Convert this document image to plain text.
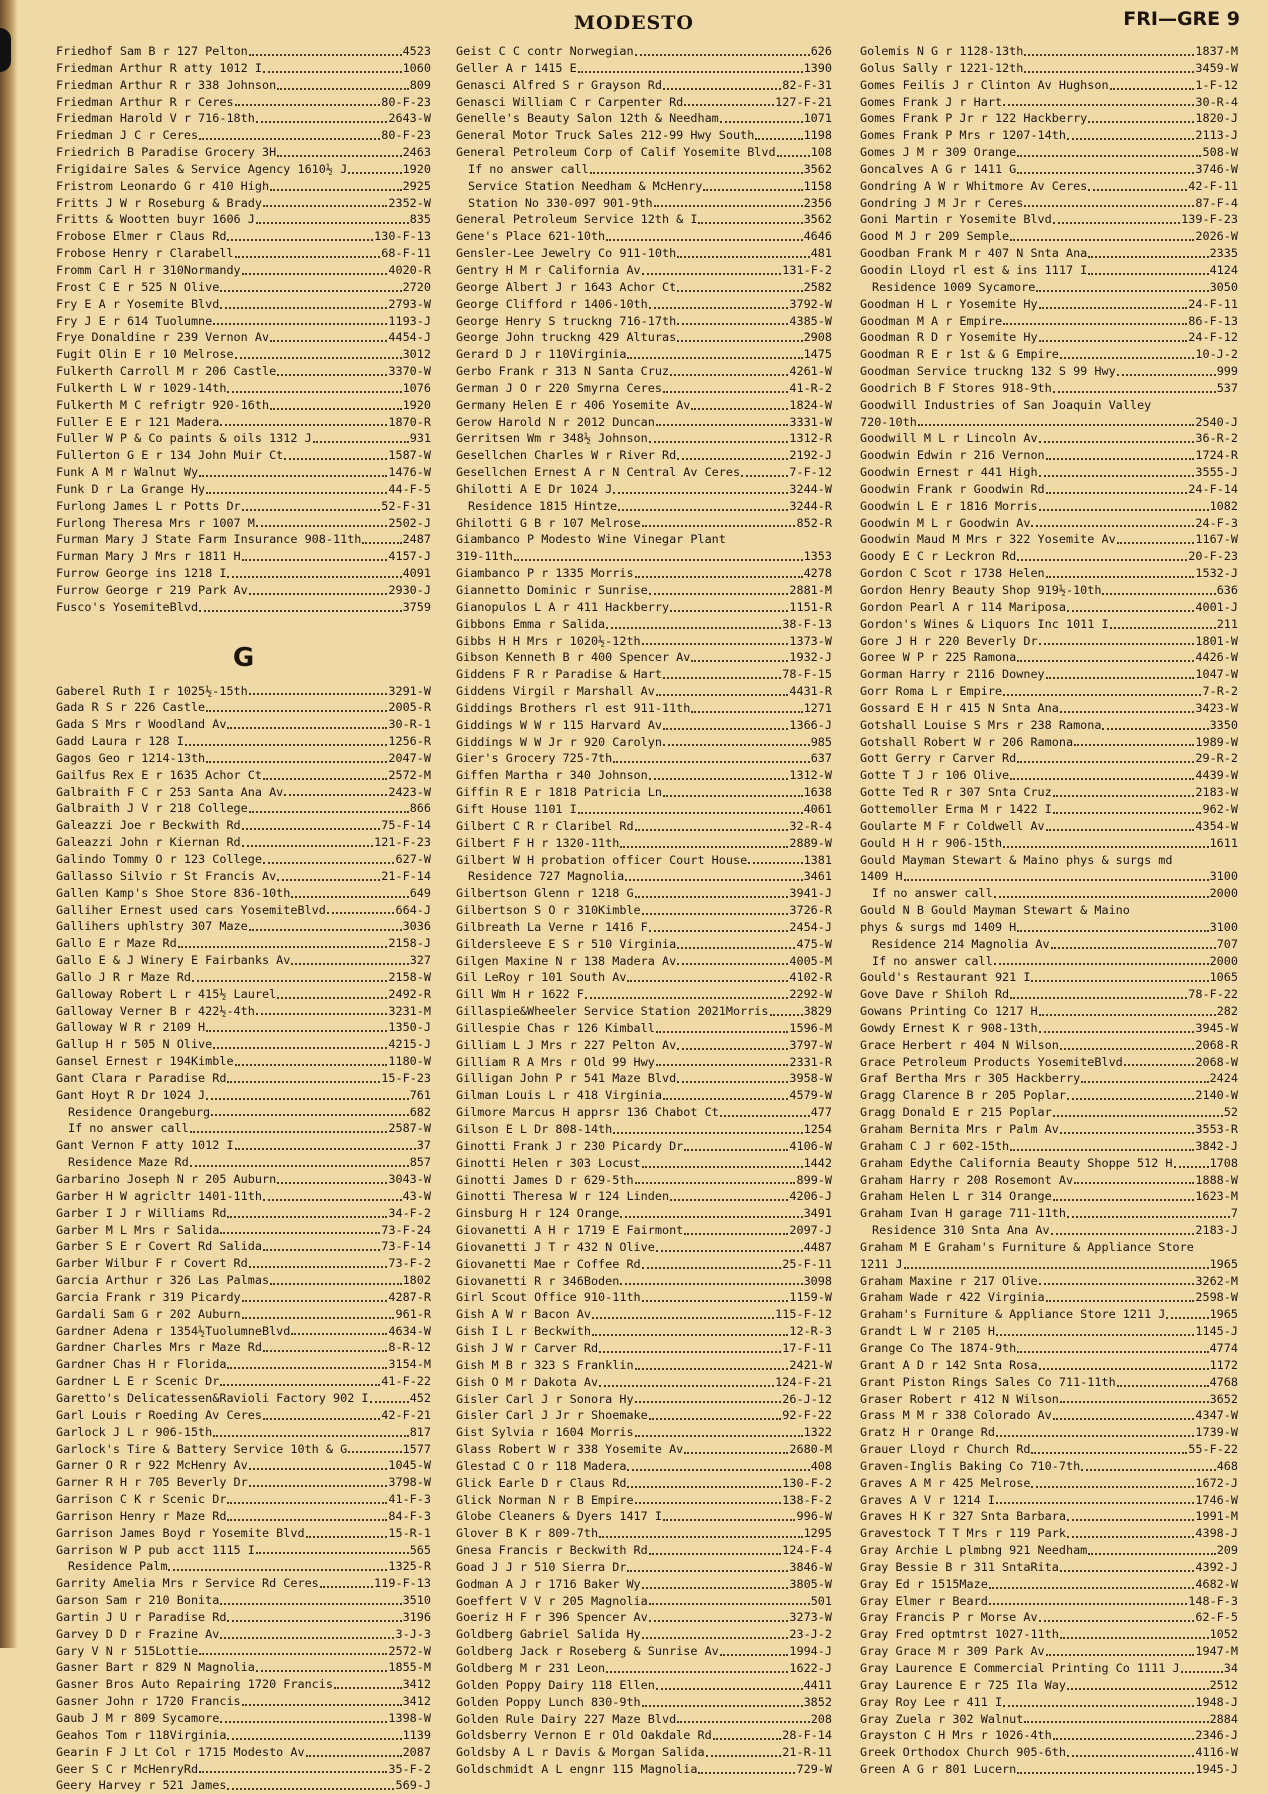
MODESTO	FRI—GRE 9
Friedhof Sam B r 127 Pelton	4523
Friedman Arthur R atty 1012 I	1060
Friedman Arthur R r 338 Johnson	809
Friedman Arthur R r Ceres	80-F-23
Friedman Harold V r 716-18th	2643-W
Friedman J C r Ceres	80-F-23
Friedrich B Paradise Grocery 3H	2463
Frigidaire Sales & Service Agency 1610½ J	1920
Fristrom Leonardo G r 410 High	2925
Fritts J W r Roseburg & Brady	2352-W
Fritts & Wootten buyr 1606 J	835
Frobose Elmer r Claus Rd	130-F-13
Frobose Henry r Clarabell	68-F-11
Fromm Carl H r 310Normandy	4020-R
Frost C E r 525 N Olive	2720
Fry E A r Yosemite Blvd	2793-W
Fry J E r 614 Tuolumne	1193-J
Frye Donaldine r 239 Vernon Av	4454-J
Fugit Olin E r 10 Melrose	3012
Fulkerth Carroll M r 206 Castle	3370-W
Fulkerth L W r 1029-14th	1076
Fulkerth M C refrigtr 920-16th	1920
Fuller E E r 121 Madera	1870-R
Fuller W P & Co paints & oils 1312 J	931
Fullerton G E r 134 John Muir Ct	1587-W
Funk A M r Walnut Wy	1476-W
Funk D r La Grange Hy	44-F-5
Furlong James L r Potts Dr	52-F-31
Furlong Theresa Mrs r 1007 M	2502-J
Furman Mary J State Farm Insurance 908-11th	2487
Furman Mary J Mrs r 1811 H	4157-J
Furrow George ins 1218 I	4091
Furrow George r 219 Park Av	2930-J
Fusco's YosemiteBlvd	3759
G
Gaberel Ruth I r 1025½-15th	3291-W
Gada R S r 226 Castle	2005-R
Gada S Mrs r Woodland Av	30-R-1
Gadd Laura r 128 I	1256-R
Gagos Geo r 1214-13th	2047-W
Gailfus Rex E r 1635 Achor Ct	2572-M
Galbraith F C r 253 Santa Ana Av	2423-W
Galbraith J V r 218 College	866
Galeazzi Joe r Beckwith Rd	75-F-14
Galeazzi John r Kiernan Rd	121-F-23
Galindo Tommy O r 123 College	627-W
Gallasso Silvio r St Francis Av	21-F-14
Gallen Kamp's Shoe Store 836-10th	649
Galliher Ernest used cars YosemiteBlvd	664-J
Gallihers uphlstry 307 Maze	3036
Gallo E r Maze Rd	2158-J
Gallo E & J Winery E Fairbanks Av	327
Gallo J R r Maze Rd	2158-W
Galloway Robert L r 415½ Laurel	2492-R
Galloway Verner B r 422½-4th	3231-M
Galloway W R r 2109 H	1350-J
Gallup H r 505 N Olive	4215-J
Gansel Ernest r 194Kimble	1180-W
Gant Clara r Paradise Rd	15-F-23
Gant Hoyt R Dr 1024 J	761
Residence Orangeburg	682
If no answer call	2587-W
Gant Vernon F atty 1012 I	37
Residence Maze Rd	857
Garbarino Joseph N r 205 Auburn	3043-W
Garber H W agricltr 1401-11th	43-W
Garber I J r Williams Rd	34-F-2
Garber M L Mrs r Salida	73-F-24
Garber S E r Covert Rd Salida	73-F-14
Garber Wilbur F r Covert Rd	73-F-2
Garcia Arthur r 326 Las Palmas	1802
Garcia Frank r 319 Picardy	4287-R
Gardali Sam G r 202 Auburn	961-R
Gardner Adena r 1354½TuolumneBlvd	4634-W
Gardner Charles Mrs r Maze Rd	8-R-12
Gardner Chas H r Florida	3154-M
Gardner L E r Scenic Dr	41-F-22
Garetto's Delicatessen&Ravioli Factory 902 I	452
Garl Louis r Roeding Av Ceres	42-F-21
Garlock J L r 906-15th	817
Garlock's Tire & Battery Service 10th & G	1577
Garner O R r 922 McHenry Av	1045-W
Garner R H r 705 Beverly Dr	3798-W
Garrison C K r Scenic Dr	41-F-3
Garrison Henry r Maze Rd	84-F-3
Garrison James Boyd r Yosemite Blvd	15-R-1
Garrison W P pub acct 1115 I	565
Residence Palm	1325-R
Garrity Amelia Mrs r Service Rd Ceres	119-F-13
Garson Sam r 210 Bonita	3510
Gartin J U r Paradise Rd	3196
Garvey D D r Frazine Av	3-J-3
Gary V N r 515Lottie	2572-W
Gasner Bart r 829 N Magnolia	1855-M
Gasner Bros Auto Repairing 1720 Francis	3412
Gasner John r 1720 Francis	3412
Gaub J M r 809 Sycamore	1398-W
Geahos Tom r 118Virginia	1139
Gearin F J Lt Col r 1715 Modesto Av	2087
Geer S C r McHenryRd	35-F-2
Geery Harvey r 521 James	569-J
Geist C C contr Norwegian	626
Geller A r 1415 E	1390
Genasci Alfred S r Grayson Rd	82-F-31
Genasci William C r Carpenter Rd	127-F-21
Genelle's Beauty Salon 12th & Needham	1071
General Motor Truck Sales 212-99 Hwy South	1198
General Petroleum Corp of Calif Yosemite Blvd	108
If no answer call	3562
Service Station Needham & McHenry	1158
Station No 330-097 901-9th	2356
General Petroleum Service 12th & I	3562
Gene's Place 621-10th	4646
Gensler-Lee Jewelry Co 911-10th	481
Gentry H M r California Av	131-F-2
George Albert J r 1643 Achor Ct	2582
George Clifford r 1406-10th	3792-W
George Henry S truckng 716-17th	4385-W
George John truckng 429 Alturas	2908
Gerard D J r 110Virginia	1475
Gerbo Frank r 313 N Santa Cruz	4261-W
German J O r 220 Smyrna Ceres	41-R-2
Germany Helen E r 406 Yosemite Av	1824-W
Gerow Harold N r 2012 Duncan	3331-W
Gerritsen Wm r 348½ Johnson	1312-R
Gesellchen Charles W r River Rd	2192-J
Gesellchen Ernest A r N Central Av Ceres	7-F-12
Ghilotti A E Dr 1024 J	3244-W
Residence 1815 Hintze	3244-R
Ghilotti G B r 107 Melrose	852-R
Giambanco P Modesto Wine Vinegar Plant
319-11th	1353
Giambanco P r 1335 Morris	4278
Giannetto Dominic r Sunrise	2881-M
Gianopulos L A r 411 Hackberry	1151-R
Gibbons Emma r Salida	38-F-13
Gibbs H H Mrs r 1020½-12th	1373-W
Gibson Kenneth B r 400 Spencer Av	1932-J
Giddens F R r Paradise & Hart	78-F-15
Giddens Virgil r Marshall Av	4431-R
Giddings Brothers rl est 911-11th	1271
Giddings W W r 115 Harvard Av	1366-J
Giddings W W Jr r 920 Carolyn	985
Gier's Grocery 725-7th	637
Giffen Martha r 340 Johnson	1312-W
Giffin R E r 1818 Patricia Ln	1638
Gift House 1101 I	4061
Gilbert C R r Claribel Rd	32-R-4
Gilbert F H r 1320-11th	2889-W
Gilbert W H probation officer Court House	1381
Residence 727 Magnolia	3461
Gilbertson Glenn r 1218 G	3941-J
Gilbertson S O r 310Kimble	3726-R
Gilbreath La Verne r 1416 F	2454-J
Gildersleeve E S r 510 Virginia	475-W
Gilgen Maxine N r 138 Madera Av	4005-M
Gil LeRoy r 101 South Av	4102-R
Gill Wm H r 1622 F	2292-W
Gillaspie&Wheeler Service Station 2021Morris	3829
Gillespie Chas r 126 Kimball	1596-M
Gilliam L J Mrs r 227 Pelton Av	3797-W
Gilliam R A Mrs r Old 99 Hwy	2331-R
Gilligan John P r 541 Maze Blvd	3958-W
Gilman Louis L r 418 Virginia	4579-W
Gilmore Marcus H apprsr 136 Chabot Ct	477
Gilson E L Dr 808-14th	1254
Ginotti Frank J r 230 Picardy Dr	4106-W
Ginotti Helen r 303 Locust	1442
Ginotti James D r 629-5th	899-W
Ginotti Theresa W r 124 Linden	4206-J
Ginsburg H r 124 Orange	3491
Giovanetti A H r 1719 E Fairmont	2097-J
Giovanetti J T r 432 N Olive	4487
Giovanetti Mae r Coffee Rd	25-F-11
Giovanetti R r 346Boden	3098
Girl Scout Office 910-11th	1159-W
Gish A W r Bacon Av	115-F-12
Gish I L r Beckwith	12-R-3
Gish J W r Carver Rd	17-F-11
Gish M B r 323 S Franklin	2421-W
Gish O M r Dakota Av	124-F-21
Gisler Carl J r Sonora Hy	26-J-12
Gisler Carl J Jr r Shoemake	92-F-22
Gist Sylvia r 1604 Morris	1322
Glass Robert W r 338 Yosemite Av	2680-M
Glestad C O r 118 Madera	408
Glick Earle D r Claus Rd	130-F-2
Glick Norman N r B Empire	138-F-2
Globe Cleaners & Dyers 1417 I	996-W
Glover B K r 809-7th	1295
Gnesa Francis r Beckwith Rd	124-F-4
Goad J J r 510 Sierra Dr	3846-W
Godman A J r 1716 Baker Wy	3805-W
Goeffert V V r 205 Magnolia	501
Goeriz H F r 396 Spencer Av	3273-W
Goldberg Gabriel Salida Hy	23-J-2
Goldberg Jack r Roseberg & Sunrise Av	1994-J
Goldberg M r 231 Leon	1622-J
Golden Poppy Dairy 118 Ellen	4411
Golden Poppy Lunch 830-9th	3852
Golden Rule Dairy 227 Maze Blvd	208
Goldsberry Vernon E r Old Oakdale Rd	28-F-14
Goldsby A L r Davis & Morgan Salida	21-R-11
Goldschmidt A L engnr 115 Magnolia	729-W
Golemis N G r 1128-13th	1837-M
Golus Sally r 1221-12th	3459-W
Gomes Feilis J r Clinton Av Hughson	1-F-12
Gomes Frank J r Hart	30-R-4
Gomes Frank P Jr r 122 Hackberry	1820-J
Gomes Frank P Mrs r 1207-14th	2113-J
Gomes J M r 309 Orange	508-W
Goncalves A G r 1411 G	3746-W
Gondring A W r Whitmore Av Ceres	42-F-11
Gondring J M Jr r Ceres	87-F-4
Goni Martin r Yosemite Blvd	139-F-23
Good M J r 209 Semple	2026-W
Goodban Frank M r 407 N Snta Ana	2335
Goodin Lloyd rl est & ins 1117 I	4124
Residence 1009 Sycamore	3050
Goodman H L r Yosemite Hy	24-F-11
Goodman M A r Empire	86-F-13
Goodman R D r Yosemite Hy	24-F-12
Goodman R E r 1st & G Empire	10-J-2
Goodman Service truckng 132 S 99 Hwy	999
Goodrich B F Stores 918-9th	537
Goodwill Industries of San Joaquin Valley
720-10th	2540-J
Goodwill M L r Lincoln Av	36-R-2
Goodwin Edwin r 216 Vernon	1724-R
Goodwin Ernest r 441 High	3555-J
Goodwin Frank r Goodwin Rd	24-F-14
Goodwin L E r 1816 Morris	1082
Goodwin M L r Goodwin Av	24-F-3
Goodwin Maud M Mrs r 322 Yosemite Av	1167-W
Goody E C r Leckron Rd	20-F-23
Gordon C Scot r 1738 Helen	1532-J
Gordon Henry Beauty Shop 919½-10th	636
Gordon Pearl A r 114 Mariposa	4001-J
Gordon's Wines & Liquors Inc 1011 I	211
Gore J H r 220 Beverly Dr	1801-W
Goree W P r 225 Ramona	4426-W
Gorman Harry r 2116 Downey	1047-W
Gorr Roma L r Empire	7-R-2
Gossard E H r 415 N Snta Ana	3423-W
Gotshall Louise S Mrs r 238 Ramona	3350
Gotshall Robert W r 206 Ramona	1989-W
Gott Gerry r Carver Rd	29-R-2
Gotte T J r 106 Olive	4439-W
Gotte Ted R r 307 Snta Cruz	2183-W
Gottemoller Erma M r 1422 I	962-W
Goularte M F r Coldwell Av	4354-W
Gould H H r 906-15th	1611
Gould Mayman Stewart & Maino phys & surgs md
1409 H	3100
If no answer call	2000
Gould N B Gould Mayman Stewart & Maino
phys & surgs md 1409 H	3100
Residence 214 Magnolia Av	707
If no answer call	2000
Gould's Restaurant 921 I	1065
Gove Dave r Shiloh Rd	78-F-22
Gowans Printing Co 1217 H	282
Gowdy Ernest K r 908-13th	3945-W
Grace Herbert r 404 N Wilson	2068-R
Grace Petroleum Products YosemiteBlvd	2068-W
Graf Bertha Mrs r 305 Hackberry	2424
Gragg Clarence B r 205 Poplar	2140-W
Gragg Donald E r 215 Poplar	52
Graham Bernita Mrs r Palm Av	3553-R
Graham C J r 602-15th	3842-J
Graham Edythe California Beauty Shoppe 512 H	1708
Graham Harry r 208 Rosemont Av	1888-W
Graham Helen L r 314 Orange	1623-M
Graham Ivan H garage 711-11th	7
Residence 310 Snta Ana Av	2183-J
Graham M E Graham's Furniture & Appliance Store
1211 J	1965
Graham Maxine r 217 Olive	3262-M
Graham Wade r 422 Virginia	2598-W
Graham's Furniture & Appliance Store 1211 J	1965
Grandt L W r 2105 H	1145-J
Grange Co The 1874-9th	4774
Grant A D r 142 Snta Rosa	1172
Grant Piston Rings Sales Co 711-11th	4768
Graser Robert r 412 N Wilson	3652
Grass M M r 338 Colorado Av	4347-W
Gratz H r Orange Rd	1739-W
Grauer Lloyd r Church Rd	55-F-22
Graven-Inglis Baking Co 710-7th	468
Graves A M r 425 Melrose	1672-J
Graves A V r 1214 I	1746-W
Graves H K r 327 Snta Barbara	1991-M
Gravestock T T Mrs r 119 Park	4398-J
Gray Archie L plmbng 921 Needham	209
Gray Bessie B r 311 SntaRita	4392-J
Gray Ed r 1515Maze	4682-W
Gray Elmer r Beard	148-F-3
Gray Francis P r Morse Av	62-F-5
Gray Fred optmtrst 1027-11th	1052
Gray Grace M r 309 Park Av	1947-M
Gray Laurence E Commercial Printing Co 1111 J	34
Gray Laurence E r 725 Ila Way	2512
Gray Roy Lee r 411 I	1948-J
Gray Zuela r 302 Walnut	2884
Grayston C H Mrs r 1026-4th	2346-J
Greek Orthodox Church 905-6th	4116-W
Green A G r 801 Lucern	1945-J
